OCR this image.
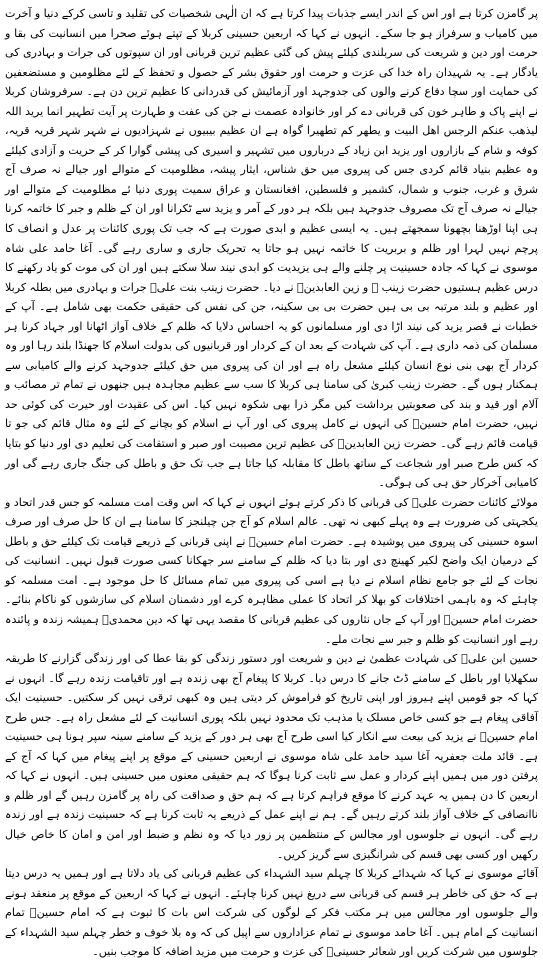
پر گامزن کرتا ہے اور اس کے اندر ایسے جذبات پیدا کرتا ہے کہ ان الٰہی شخصیات کی تقلید و تاسی کرکے دنیا و آخرت میں کامیاب و سرفراز ہو جا سکے۔ انہوں نے کہا کہ اربعین حسینی کربلا کے تپتے ہوئے صحرا میں انسانیت کی بقا و حرمت اور دین و شریعت کی سربلندی کیلئے پیش کی گئی عظیم ترین قربانی اور ان سپوتوں کی جرات و بہادری کی یادگار ہے۔ یہ شہیدان راہ خدا کی عزت و حرمت اور حقوق بشر کے حصول و تحفظ کے لئے مظلومین و مستضعفین کی حمایت اور سچا دفاع کرنے والوں کی جدوجہد اور آزمائیش کی قدردانی کا عظیم ترین دن ہے۔ سرفروشان کربلا نے اپنے پاک و طاہر خون کی قربانی دے کر اور خانوادہ عصمت نے جن کی عفت و طہارت پر آیت تطہیر انما یرید اللہ لیذھب عنکم الرجس اھل البیت و یطھر کم تطھیرا گواہ ہے ان عظیم بیبیوں نے شہزادیوں نے شہر شہر قریہ قریہ، کوفہ و شام کے بازاروں اور یزید ابن زیاد کے درباروں میں تشہیر و اسیری کی پیشی گوارا کر کے حریت و آزادی کیلئے وہ عظیم بنیاد قائم کردی جس کی پیروی میں حق شناس، ایثار پیشہ، مظلومیت کے متوالے اور جیالے نہ صرف آج شرق و غرب، جنوب و شمال، کشمیر و فلسطین، افغانستان و عراق سمیت پوری دنیا ئے مظلومیت کے متوالے اور جیالے نہ صرف آج تک مصروف جدوجہد ہیں بلکہ ہر دور کے آمر و یزید سے ٹکرانا اور ان کے ظلم و جبر کا خاتمہ کرنا ہی اپنا اوڑھنا بچھونا سمجھتے ہیں۔ یہ ایسی عظیم و ابدی صورت ہے کہ جب تک پوری کائنات پر عدل و انصاف کا پرچم نہیں لہرا اور ظلم و بربریت کا خاتمہ نہیں ہو جاتا یہ تحریک جاری و ساری رہے گی۔ آغا حامد علی شاہ موسوی نے کہا کہ جادہ حسینیت پر چلنے والے ہی یزیدیت کو ابدی نیند سلا سکتے ہیں اور ان کی موت کو یاد رکھنے کا درس عظیم ہستیوں حضرت زینب ؑ و زین العابدینؑ نے دیا۔ حضرت زینب بنت علیؑ جرات و بہادری میں بطلہ کربلا اور عظیم و بلند مرتبہ بی بی ہیں حضرت بی بی سکینہ، جن کی نفس کی حقیقی حکمت بھی شامل ہے۔ آپ کے خطبات نے قصر یزید کی نیند اڑا دی اور مسلمانوں کو یہ احساس دلایا کہ ظلم کے خلاف آواز اٹھانا اور جہاد کرنا ہر مسلمان کی ذمہ داری ہے۔ آپ کی شہادت کے بعد ان کے کردار اور قربانیوں کی بدولت اسلام کا جھنڈا بلند رہا اور وہ کردار آج بھی بنی نوع انسان کیلئے مشعل راہ ہے اور ان کی پیروی میں حق کیلئے جدوجہد کرنے والے کامیابی سے ہمکنار ہوں گے۔ حضرت زینب کبریٰ کی سامنا ہی کربلا کا سب سے عظیم مجاہدہ ہیں جنھوں نے تمام تر مصائب و آلام اور قید و بند کی صعوبتیں برداشت کیں مگر ذرا بھی شکوہ نہیں کیا۔ اس کی عقیدت اور حیرت کی کوئی حد نہیں، حضرت امام حسینؑ کی انہوں نے کامل پیروی کی اور آپ نے اسلام کو بچانے کے لئے وہ مثال قائم کی جو تا قیامت قائم رہے گی۔ حضرت زین العابدینؑ کی عظیم ترین مصیبت اور صبر و استقامت کی تعلیم دی اور دنیا کو بتایا کہ کس طرح صبر اور شجاعت کے ساتھ باطل کا مقابلہ کیا جاتا ہے جب تک حق و باطل کی جنگ جاری رہے گی اور کامیابی آخرکار حق ہی کی ہوگی۔

مولائے کائنات حضرت علیؑ کی قربانی کا ذکر کرتے ہوئے انہوں نے کہا کہ اس وقت امت مسلمہ کو جس قدر اتحاد و یکجہتی کی ضرورت ہے وہ پہلے کبھی نہ تھی۔ عالم اسلام کو آج جن چیلنجز کا سامنا ہے ان کا حل صرف اور صرف اسوہ حسینی کی پیروی میں پوشیدہ ہے۔ حضرت امام حسینؑ نے اپنی قربانی کے ذریعے قیامت تک کیلئے حق و باطل کے درمیان ایک واضح لکیر کھینچ دی اور بتا دیا کہ ظلم کے سامنے سر جھکانا کسی صورت قبول نہیں۔ انسانیت کی نجات کے لئے جو جامع نظام اسلام نے دیا ہے اسی کی پیروی میں تمام مسائل کا حل موجود ہے۔ امت مسلمہ کو چاہئے کہ وہ باہمی اختلافات کو بھلا کر اتحاد کا عملی مظاہرہ کرے اور دشمنان اسلام کی سازشوں کو ناکام بنائے۔ حضرت امام حسینؑ اور آپ کے جاں نثاروں کی عظیم قربانی کا مقصد یہی تھا کہ دین محمدیؐ ہمیشہ زندہ و پائندہ رہے اور انسانیت کو ظلم و جبر سے نجات ملے۔

حسین ابن علیؑ کی شہادت عظمیٰ نے دین و شریعت اور دستور زندگی کو بقا عطا کی اور زندگی گزارنے کا طریقہ سکھلایا اور باطل کے سامنے ڈٹ جانے کا درس دیا۔ کربلا کا پیغام آج بھی زندہ ہے اور تاقیامت زندہ رہے گا۔ انہوں نے کہا کہ جو قومیں اپنے ہیروز اور اپنی تاریخ کو فراموش کر دیتی ہیں وہ کبھی ترقی نہیں کر سکتیں۔ حسینیت ایک آفاقی پیغام ہے جو کسی خاص مسلک یا مذہب تک محدود نہیں بلکہ پوری انسانیت کے لئے مشعل راہ ہے۔ جس طرح امام حسینؑ نے یزید کی بیعت سے انکار کیا اسی طرح آج بھی ہر دور کے یزید کے سامنے سینہ سپر ہونا ہی حسینیت ہے۔ قائد ملت جعفریہ آغا سید حامد علی شاہ موسوی نے اربعین حسینی کے موقع پر اپنے پیغام میں کہا کہ آج کے پرفتن دور میں ہمیں اپنے کردار و عمل سے ثابت کرنا ہوگا کہ ہم حقیقی معنوں میں حسینی ہیں۔ انہوں نے کہا کہ اربعین کا دن ہمیں یہ عہد کرنے کا موقع فراہم کرتا ہے کہ ہم حق و صداقت کی راہ پر گامزن رہیں گے اور ظلم و ناانصافی کے خلاف آواز بلند کرتے رہیں گے۔ ہم نے اپنے عمل کے ذریعے یہ ثابت کرنا ہے کہ حسینیت زندہ ہے اور زندہ رہے گی۔ انہوں نے جلوسوں اور مجالس کے منتظمین پر زور دیا کہ وہ نظم و ضبط اور امن و امان کا خاص خیال رکھیں اور کسی بھی قسم کی شرانگیزی سے گریز کریں۔

آقائے موسوی نے کہا کہ شہدائے کربلا کا چہلم سید الشہداء کی عظیم قربانی کی یاد دلاتا ہے اور ہمیں یہ درس دیتا ہے کہ حق کی خاطر ہر قسم کی قربانی سے دریغ نہیں کرنا چاہئے۔ انہوں نے کہا کہ اربعین کے موقع پر منعقد ہونے والے جلوسوں اور مجالس میں ہر مکتب فکر کے لوگوں کی شرکت اس بات کا ثبوت ہے کہ امام حسینؑ تمام انسانیت کے امام ہیں۔ آغا حامد موسوی نے تمام عزاداروں سے اپیل کی کہ وہ بلا خوف و خطر چہلم سید الشہداء کے جلوسوں میں شرکت کریں اور شعائر حسینیؑ کی عزت و حرمت میں مزید اضافہ کا موجب بنیں۔
